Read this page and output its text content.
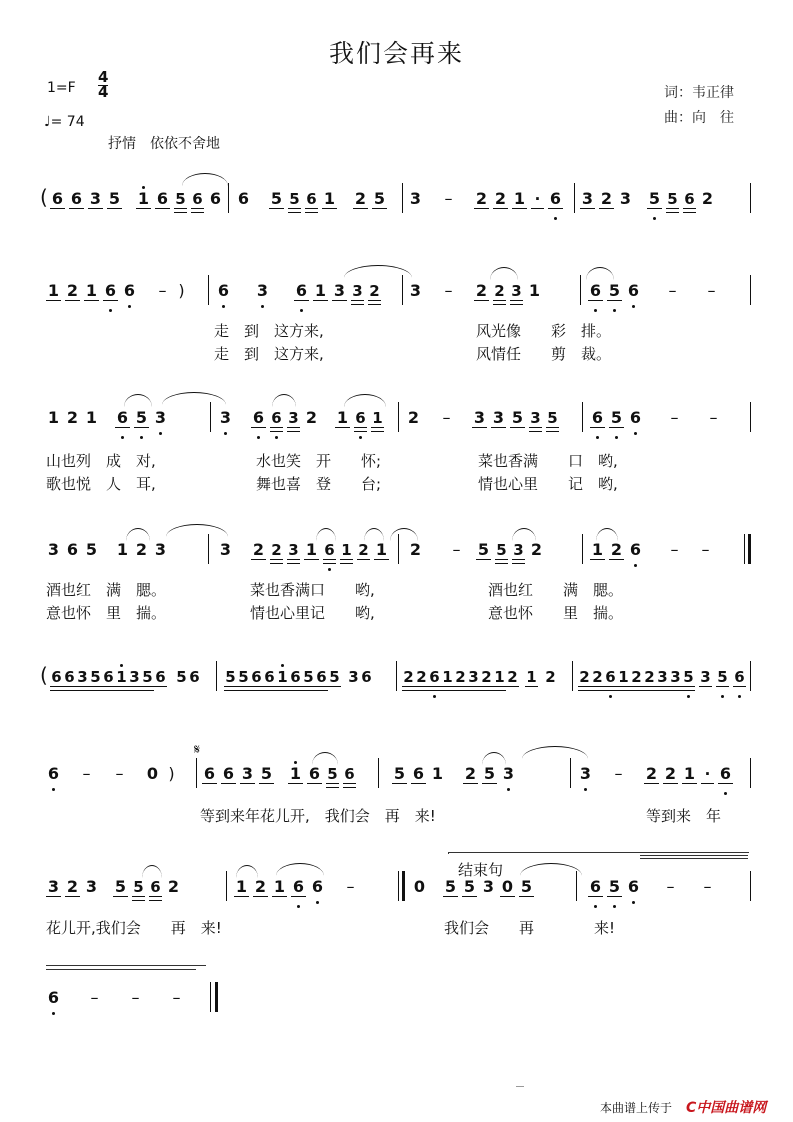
我们会再来
$1=F \frac{4}{4}$
♩= 74
抒情　依依不舍地
词：韦正律
曲：向　往
( 6 6 3 5 1 6 5 6 6 6 5 5 6 1 2 5 3 – 2 2 1 · 6 3 2 3 5 5 6 2
1 2 1 6 6 – ) 6 3 6 1 3 3 2 3 – 2 2 3 1	6 5 6 – –
1 2 1 6 5 3	3 6 6 3 2 1 6 1 2 – 3 3 5 3 5 6 5 6 – –
3 6 5 1 2 3	3 2 2 3 1 6 1 2 1 2 – 5 5 3 2	1 2 6 – –
( 6 6 3 5 6 1 3 5 6 5 6 5 5 6 6 1 6 5 6 5 3 6 2 2 6 1 2 3 2 1 2 1 2 2 2 6 1 2 2 3 3 5 3 5 6
6 – – 0 )
𝄋
6 6 3 5 1 6 5 6 5 6 1 2 5 3	3 – 2 2 1 · 6
3 2 3 5 5 6 2	1 2 1 6 6 –	0 5 5 3 0 5	6 5 6 – –
结束句
6 – – –
走　到　这方来,	风光像　　彩　排。
走　到　这方来,	风情任　　剪　裁。
山也列　成　对,	水也笑　开　　怀;	菜也香满　　口　哟,
歌也悦　人　耳,	舞也喜　登　　台;	情也心里　　记　哟,
酒也红　满　腮。	菜也香满口　　哟,	酒也红　　满　腮。
意也怀　里　揣。	情也心里记　　哟,	意也怀　　里　揣。
等到来年花儿开,　我们会　再　来!	等到来　年
花儿开,我们会　　再　来!	我们会　　再　　　　来!
本曲谱上传于 C中国曲谱网
